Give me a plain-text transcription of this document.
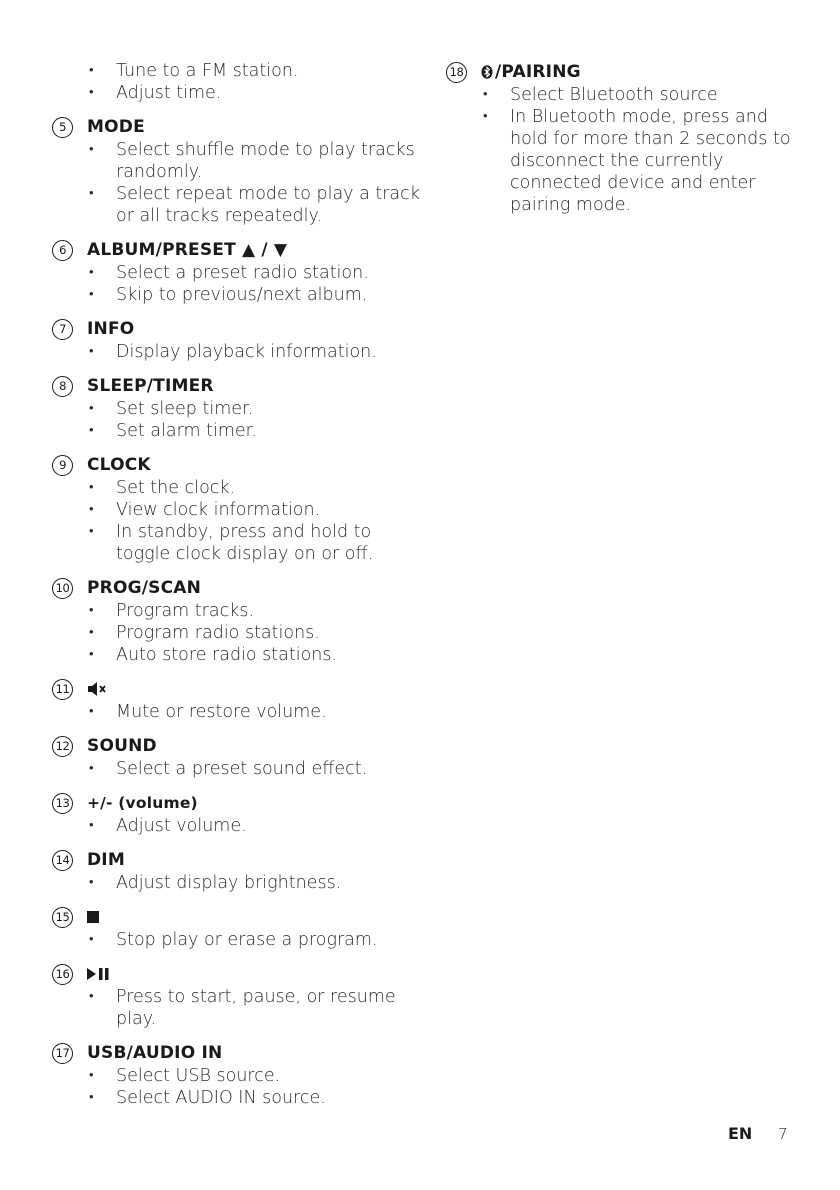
• Tune to a FM station.
• Adjust time.
5	MODE
• Select shuffle mode to play tracks randomly.
• Select repeat mode to play a track or all tracks repeatedly.
6	ALBUM/PRESET ▲ / ▼
• Select a preset radio station.
• Skip to previous/next album.
7	INFO
• Display playback information.
8	SLEEP/TIMER
• Set sleep timer.
• Set alarm timer.
9	CLOCK
• Set the clock.
• View clock information.
• In standby, press and hold to toggle clock display on or off.
10 PROG/SCAN
• Program tracks.
• Program radio stations.
• Auto store radio stations.
11
• Mute or restore volume.
12 SOUND
• Select a preset sound effect.
13 +/- (volume)
• Adjust volume.
14 DIM
• Adjust display brightness.
15
• Stop play or erase a program.
16
• Press to start, pause, or resume play.
17 USB/AUDIO IN
• Select USB source.
• Select AUDIO IN source.
18 /PAIRING
• Select Bluetooth source
• In Bluetooth mode, press and hold for more than 2 seconds to disconnect the currently connected device and enter pairing mode.
EN 7
